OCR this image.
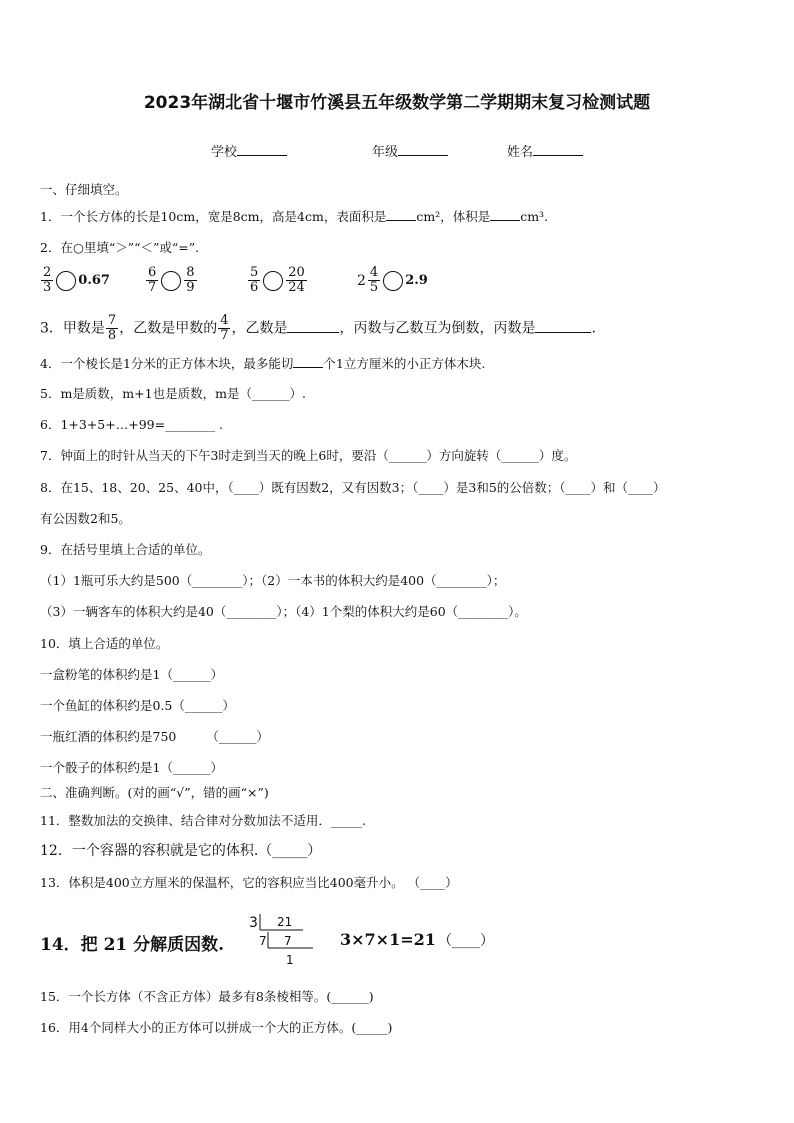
2023年湖北省十堰市竹溪县五年级数学第二学期期末复习检测试题
学校	年级	姓名
一、仔细填空。
1．一个长方体的长是10cm，宽是8cm，高是4cm，表面积是 cm²，体积是 cm³.
2．在○里填“＞”“＜”或“=”.
$\frac{2}{3} 0.67$	$\frac{6}{7} \frac{8}{9}$	$\frac{5}{6} \frac{20}{24}$	$2 \frac{4}{5} 2.9$
3．甲数是 $\frac{7}{8}$ ，乙数是甲数的 $\frac{4}{7}$ ，乙数是	，丙数与乙数互为倒数，丙数是	.
4．一个棱长是1分米的正方体木块，最多能切 个1立方厘米的小正方体木块.
5．m是质数，m+1也是质数，m是（______）.
6．1+3+5+…+99=________ .
7．钟面上的时针从当天的下午3时走到当天的晚上6时，要沿（______）方向旋转（______）度。
8．在15、18、20、25、40中，（____）既有因数2，又有因数3；（____）是3和5的公倍数；（____）和（____）
有公因数2和5。
9．在括号里填上合适的单位。
（1）1瓶可乐大约是500（________）；（2）一本书的体积大约是400（________）；
（3）一辆客车的体积大约是40（________）；（4）1个梨的体积大约是60（________）。
10．填上合适的单位。
一盒粉笔的体积约是1（______）
一个鱼缸的体积约是0.5（______）
一瓶红酒的体积约是750 （______）
一个骰子的体积约是1（______）
二、准确判断。(对的画“√”，错的画“×”)
11．整数加法的交换律、结合律对分数加法不适用．_____.
12．一个容器的容积就是它的体积.（_____）
13．体积是400立方厘米的保温杯，它的容积应当比400毫升小。 （____）
14．把 21 分解质因数.
3 21
7 7
1
3×7×1=21 （____）
15．一个长方体（不含正方体）最多有8条棱相等。(______)
16．用4个同样大小的正方体可以拼成一个大的正方体。(_____)
